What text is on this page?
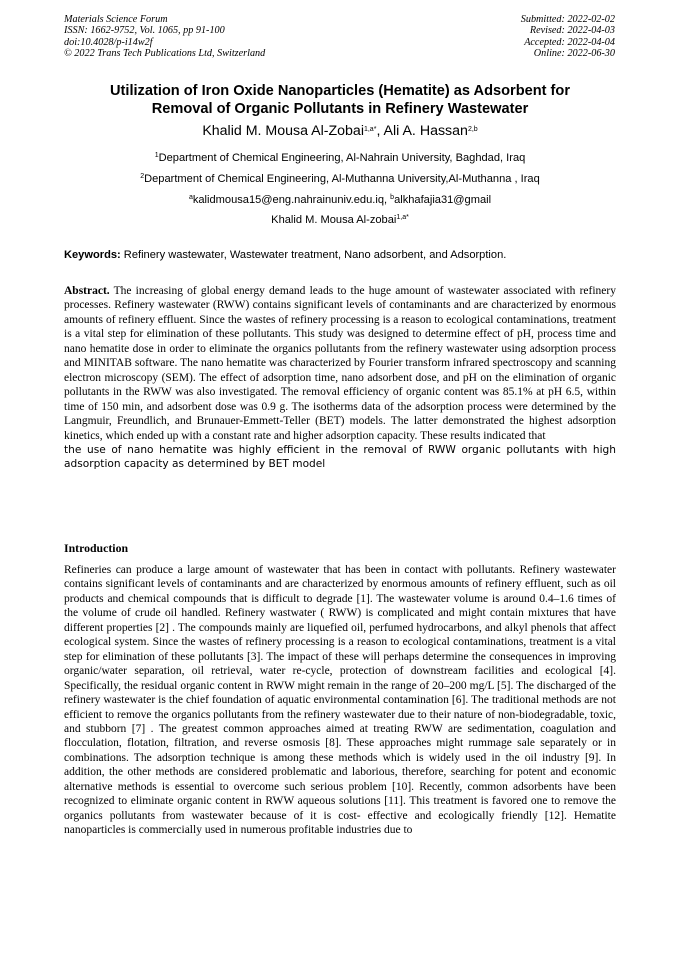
Materials Science Forum
ISSN: 1662-9752, Vol. 1065, pp 91-100
doi:10.4028/p-i14w2f
© 2022 Trans Tech Publications Ltd, Switzerland
Submitted: 2022-02-02
Revised: 2022-04-03
Accepted: 2022-04-04
Online: 2022-06-30
Utilization of Iron Oxide Nanoparticles (Hematite) as Adsorbent for
Removal of Organic Pollutants in Refinery Wastewater
Khalid M. Mousa Al-Zobai$^{1,a*}$, Ali A. Hassan$^{2,b}$
$^1$Department of Chemical Engineering, Al-Nahrain University, Baghdad, Iraq
$^2$Department of Chemical Engineering, Al-Muthanna University,Al-Muthanna , Iraq
$^a$kalidmousa15@eng.nahrainuniv.edu.iq, $^b$alkhafajia31@gmail
Khalid M. Mousa Al-zobai$^{1,a*}$
Keywords: Refinery wastewater, Wastewater treatment, Nano adsorbent, and Adsorption.
Abstract. The increasing of global energy demand leads to the huge amount of wastewater associated with refinery processes. Refinery wastewater (RWW) contains significant levels of contaminants and are characterized by enormous amounts of refinery effluent. Since the wastes of refinery processing is a reason to ecological contaminations, treatment is a vital step for elimination of these pollutants. This study was designed to determine effect of pH, process time and nano hematite dose in order to eliminate the organics pollutants from the refinery wastewater using adsorption process and MINITAB software. The nano hematite was characterized by Fourier transform infrared spectroscopy and scanning electron microscopy (SEM). The effect of adsorption time, nano adsorbent dose, and pH on the elimination of organic pollutants in the RWW was also investigated. The removal efficiency of organic content was 85.1% at pH 6.5, within time of 150 min, and adsorbent dose was 0.9 g. The isotherms data of the adsorption process were determined by the Langmuir, Freundlich, and Brunauer-Emmett-Teller (BET) models. The latter demonstrated the highest adsorption kinetics, which ended up with a constant rate and higher adsorption capacity. These results indicated that
the use of nano hematite was highly efficient in the removal of RWW organic pollutants with high adsorption capacity as determined by BET model
Introduction
Refineries can produce a large amount of wastewater that has been in contact with pollutants. Refinery wastewater contains significant levels of contaminants and are characterized by enormous amounts of refinery effluent, such as oil products and chemical compounds that is difficult to degrade [1]. The wastewater volume is around 0.4–1.6 times of the volume of crude oil handled. Refinery wastwater ( RWW) is complicated and might contain mixtures that have different properties [2] . The compounds mainly are liquefied oil, perfumed hydrocarbons, and alkyl phenols that affect ecological system. Since the wastes of refinery processing is a reason to ecological contaminations, treatment is a vital step for elimination of these pollutants [3]. The impact of these will perhaps determine the consequences in improving organic/water separation, oil retrieval, water re-cycle, protection of downstream facilities and ecological [4]. Specifically, the residual organic content in RWW might remain in the range of 20–200 mg/L [5]. The discharged of the refinery wastewater is the chief foundation of aquatic environmental contamination [6]. The traditional methods are not efficient to remove the organics pollutants from the refinery wastewater due to their nature of non-biodegradable, toxic, and stubborn [7] . The greatest common approaches aimed at treating RWW are sedimentation, coagulation and flocculation, flotation, filtration, and reverse osmosis [8]. These approaches might rummage sale separately or in combinations. The adsorption technique is among these methods which is widely used in the oil industry [9]. In addition, the other methods are considered problematic and laborious, therefore, searching for potent and economic alternative methods is essential to overcome such serious problem [10]. Recently, common adsorbents have been recognized to eliminate organic content in RWW aqueous solutions [11]. This treatment is favored one to remove the organics pollutants from wastewater because of it is cost- effective and ecologically friendly [12]. Hematite nanoparticles is commercially used in numerous profitable industries due to
